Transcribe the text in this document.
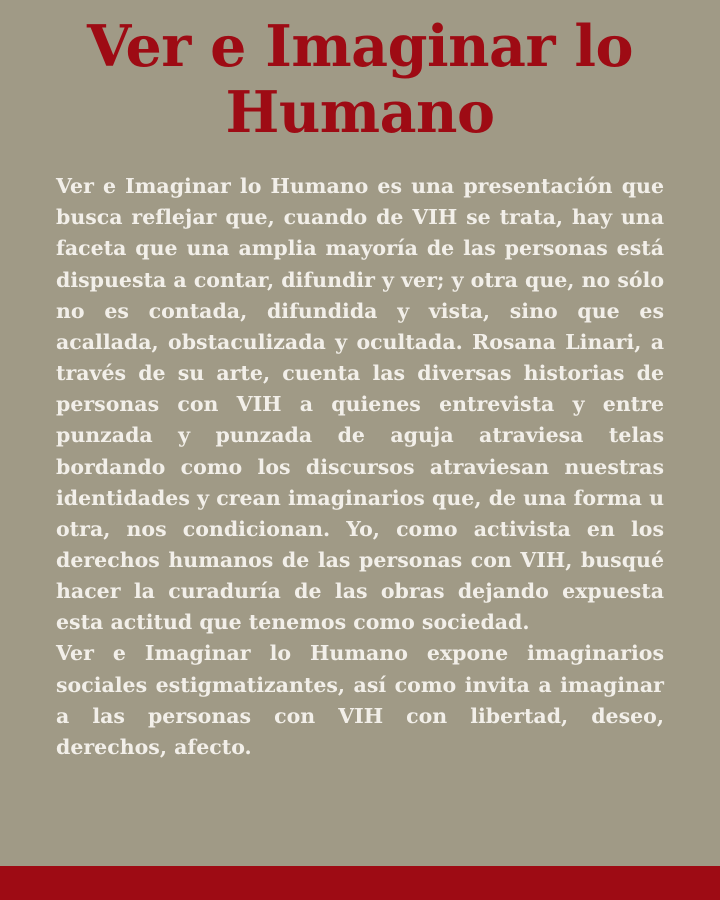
Ver e Imaginar lo Humano

Ver e Imaginar lo Humano es una presentación que busca reflejar que, cuando de VIH se trata, hay una faceta que una amplia mayoría de las personas está dispuesta a contar, difundir y ver; y otra que, no sólo no es contada, difundida y vista, sino que es acallada, obstaculizada y ocultada. Rosana Linari, a través de su arte, cuenta las diversas historias de personas con VIH a quienes entrevista y entre punzada y punzada de aguja atraviesa telas bordando como los discursos atraviesan nuestras identidades y crean imaginarios que, de una forma u otra, nos condicionan. Yo, como activista en los derechos humanos de las personas con VIH, busqué hacer la curaduría de las obras dejando expuesta esta actitud que tenemos como sociedad.

Ver e Imaginar lo Humano expone imaginarios sociales estigmatizantes, así como invita a imaginar a las personas con VIH con libertad, deseo, derechos, afecto.
